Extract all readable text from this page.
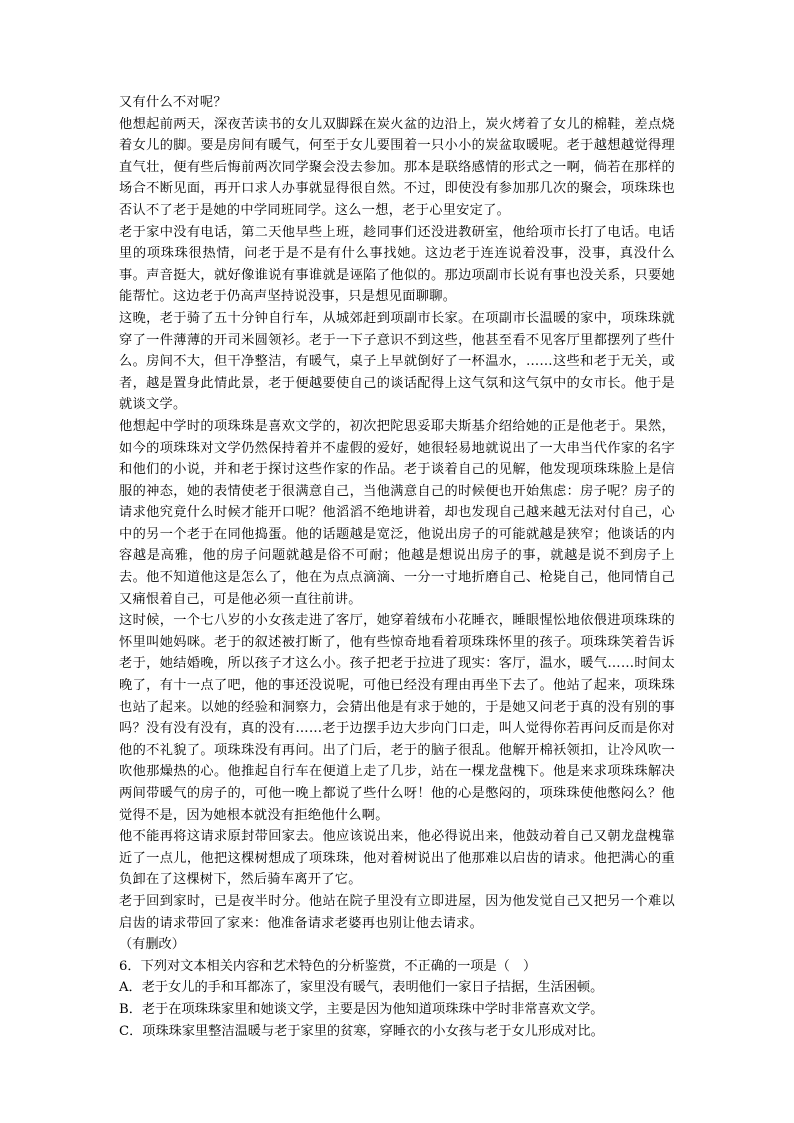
又有什么不对呢？

他想起前两天，深夜苦读书的女儿双脚踩在炭火盆的边沿上，炭火烤着了女儿的棉鞋，差点烧着女儿的脚。要是房间有暖气，何至于女儿要围着一只小小的炭盆取暖呢。老于越想越觉得理直气壮，便有些后悔前两次同学聚会没去参加。那本是联络感情的形式之一啊，倘若在那样的场合不断见面，再开口求人办事就显得很自然。不过，即使没有参加那几次的聚会，项珠珠也否认不了老于是她的中学同班同学。这么一想，老于心里安定了。

老于家中没有电话，第二天他早些上班，趁同事们还没进教研室，他给项市长打了电话。电话里的项珠珠很热情，问老于是不是有什么事找她。这边老于连连说着没事，没事，真没什么事。声音挺大，就好像谁说有事谁就是诬陷了他似的。那边项副市长说有事也没关系，只要她能帮忙。这边老于仍高声坚持说没事，只是想见面聊聊。

这晚，老于骑了五十分钟自行车，从城郊赶到项副市长家。在项副市长温暖的家中，项珠珠就穿了一件薄薄的开司米圆领衫。老于一下子意识不到这些，他甚至看不见客厅里都摆列了些什么。房间不大，但干净整洁，有暖气，桌子上早就倒好了一杯温水，……这些和老于无关，或者，越是置身此情此景，老于便越要使自己的谈话配得上这气氛和这气氛中的女市长。他于是就谈文学。

他想起中学时的项珠珠是喜欢文学的，初次把陀思妥耶夫斯基介绍给她的正是他老于。果然，如今的项珠珠对文学仍然保持着并不虚假的爱好，她很轻易地就说出了一大串当代作家的名字和他们的小说，并和老于探讨这些作家的作品。老于谈着自己的见解，他发现项珠珠脸上是信服的神态，她的表情使老于很满意自己，当他满意自己的时候便也开始焦虑：房子呢？房子的请求他究竟什么时候才能开口呢？他滔滔不绝地讲着，却也发现自己越来越无法对付自己，心中的另一个老于在同他捣蛋。他的话题越是宽泛，他说出房子的可能就越是狭窄；他谈话的内容越是高雅，他的房子问题就越是俗不可耐；他越是想说出房子的事，就越是说不到房子上去。他不知道他这是怎么了，他在为点点滴滴、一分一寸地折磨自己、枪毙自己，他同情自己又痛恨着自己，可是他必须一直往前讲。

这时候，一个七八岁的小女孩走进了客厅，她穿着绒布小花睡衣，睡眼惺忪地依偎进项珠珠的怀里叫她妈咪。老于的叙述被打断了，他有些惊奇地看着项珠珠怀里的孩子。项珠珠笑着告诉老于，她结婚晚，所以孩子才这么小。孩子把老于拉进了现实：客厅，温水，暖气……时间太晚了，有十一点了吧，他的事还没说呢，可他已经没有理由再坐下去了。他站了起来，项珠珠也站了起来。以她的经验和洞察力，会猜出他是有求于她的，于是她又问老于真的没有别的事吗？没有没有没有，真的没有……老于边摆手边大步向门口走，叫人觉得你若再问反而是你对他的不礼貌了。项珠珠没有再问。出了门后，老于的脑子很乱。他解开棉袄领扣，让冷风吹一吹他那燥热的心。他推起自行车在便道上走了几步，站在一棵龙盘槐下。他是来求项珠珠解决两间带暖气的房子的，可他一晚上都说了些什么呀！他的心是憋闷的，项珠珠使他憋闷么？他觉得不是，因为她根本就没有拒绝他什么啊。

他不能再将这请求原封带回家去。他应该说出来，他必得说出来，他鼓动着自己又朝龙盘槐靠近了一点儿，他把这棵树想成了项珠珠，他对着树说出了他那难以启齿的请求。他把满心的重负卸在了这棵树下，然后骑车离开了它。

老于回到家时，已是夜半时分。他站在院子里没有立即进屋，因为他发觉自己又把另一个难以启齿的请求带回了家来：他准备请求老婆再也别让他去请求。

（有删改）

6．下列对文本相关内容和艺术特色的分析鉴赏，不正确的一项是（　）

A．老于女儿的手和耳都冻了，家里没有暖气，表明他们一家日子拮据，生活困顿。

B．老于在项珠珠家里和她谈文学，主要是因为他知道项珠珠中学时非常喜欢文学。

C．项珠珠家里整洁温暖与老于家里的贫寒，穿睡衣的小女孩与老于女儿形成对比。
